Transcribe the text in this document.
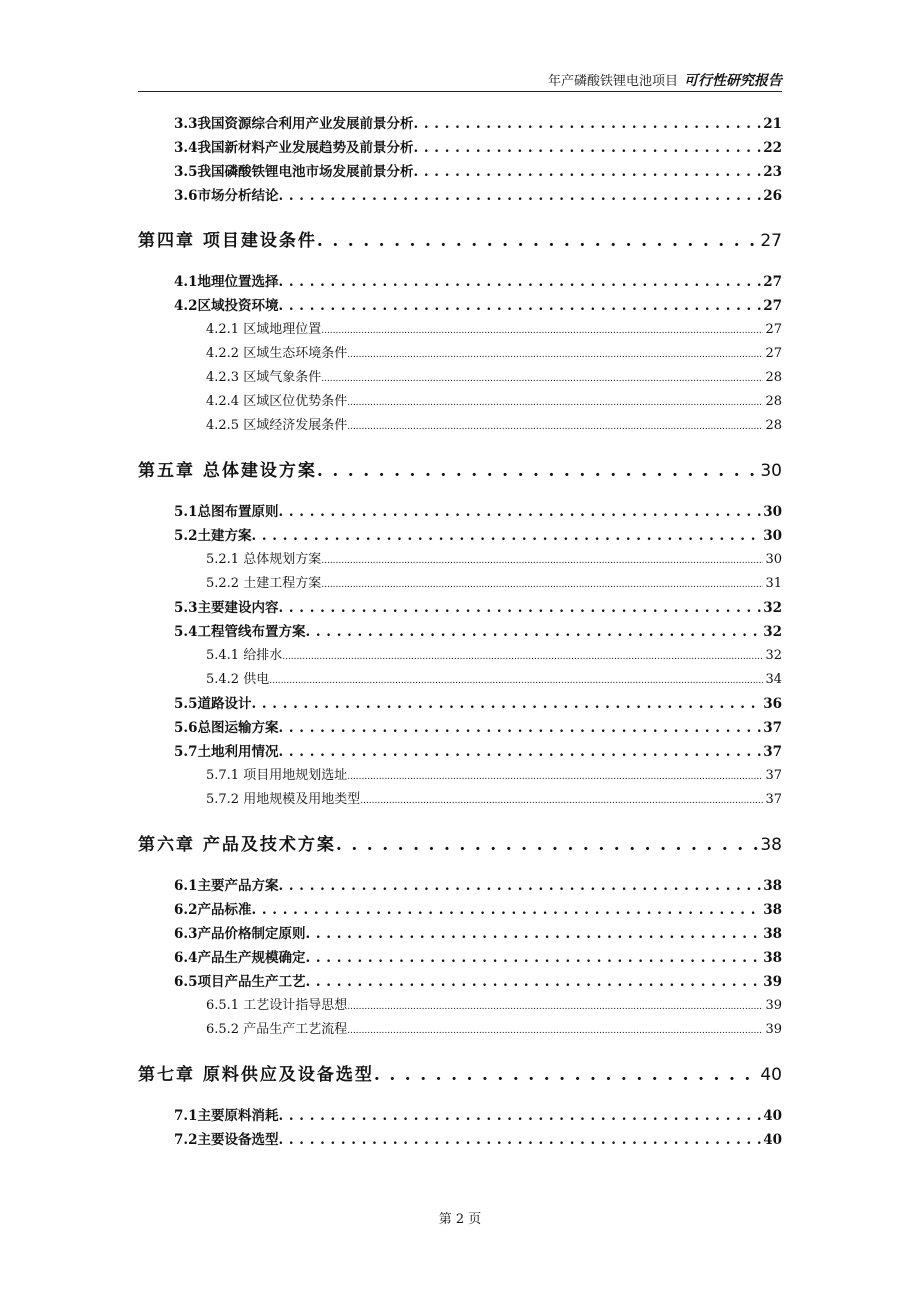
年产磷酸铁锂电池项目 可行性研究报告
3.3我国资源综合利用产业发展前景分析 . . .	21
3.4我国新材料产业发展趋势及前景分析 . . .	22
3.5我国磷酸铁锂电池市场发展前景分析 . . .	23
3.6市场分析结论 . . .	26
第四章 项目建设条件 . . .	27
4.1地理位置选择 . . .	27
4.2区域投资环境 . . .	27
4.2.1 区域地理位置 .....	27
4.2.2 区域生态环境条件 .....	27
4.2.3 区域气象条件 .....	28
4.2.4 区域区位优势条件 .....	28
4.2.5 区域经济发展条件 .....	28
第五章 总体建设方案 . . .	30
5.1总图布置原则 . . .	30
5.2土建方案 . . .	30
5.2.1 总体规划方案 .....	30
5.2.2 土建工程方案 .....	31
5.3主要建设内容 . . .	32
5.4工程管线布置方案 . . .	32
5.4.1 给排水 .....	32
5.4.2 供电 .....	34
5.5道路设计 . . .	36
5.6总图运输方案 . . .	37
5.7土地利用情况 . . .	37
5.7.1 项目用地规划选址 .....	37
5.7.2 用地规模及用地类型 .....	37
第六章 产品及技术方案 . . .	38
6.1主要产品方案 . . .	38
6.2产品标准 . . .	38
6.3产品价格制定原则 . . .	38
6.4产品生产规模确定 . . .	38
6.5项目产品生产工艺 . . .	39
6.5.1 工艺设计指导思想 .....	39
6.5.2 产品生产工艺流程 .....	39
第七章 原料供应及设备选型 . . .	40
7.1主要原料消耗 . . .	40
7.2主要设备选型 . . .	40
第 2 页
